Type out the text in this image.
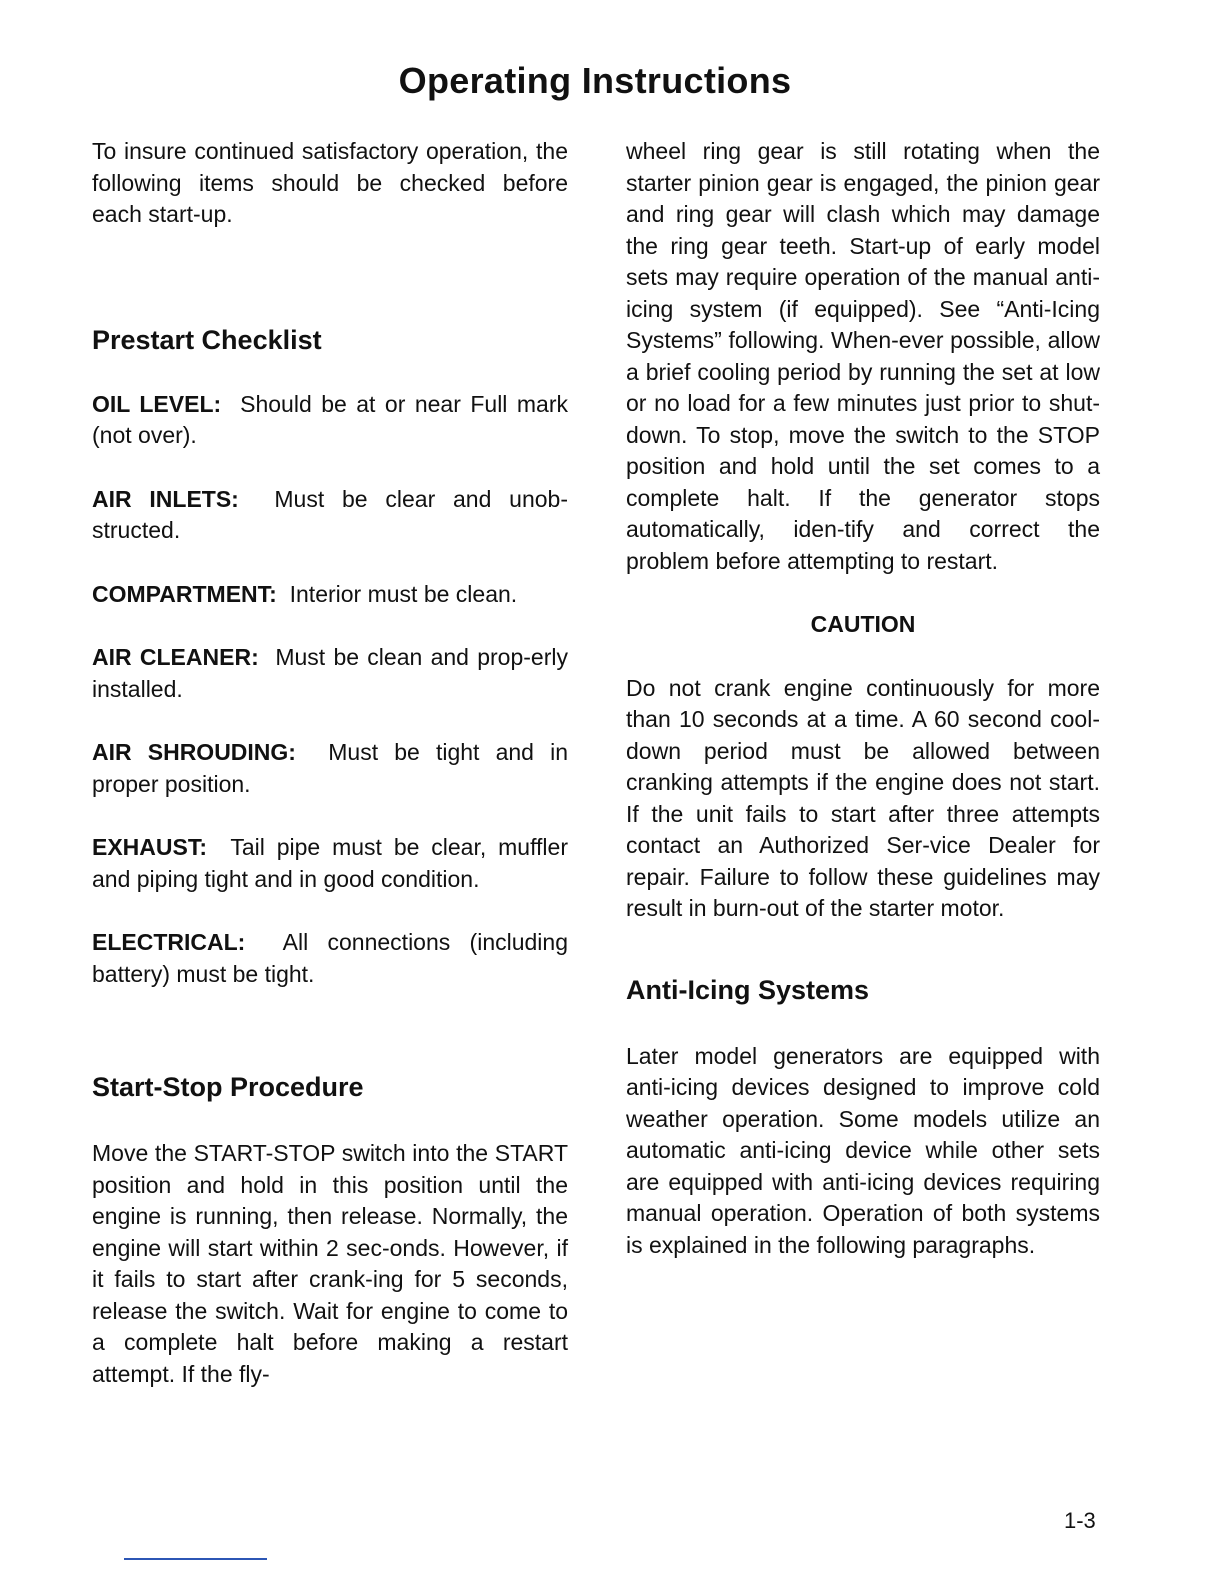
Operating Instructions

To insure continued satisfactory operation, the following items should be checked before each start-up.

Prestart Checklist

OIL LEVEL: Should be at or near Full mark (not over).

AIR INLETS: Must be clear and unob-structed.

COMPARTMENT: Interior must be clean.

AIR CLEANER: Must be clean and prop-erly installed.

AIR SHROUDING: Must be tight and in proper position.

EXHAUST: Tail pipe must be clear, muffler and piping tight and in good condition.

ELECTRICAL: All connections (including battery) must be tight.

Start-Stop Procedure

Move the START-STOP switch into the START position and hold in this position until the engine is running, then release. Normally, the engine will start within 2 sec-onds. However, if it fails to start after crank-ing for 5 seconds, release the switch. Wait for engine to come to a complete halt before making a restart attempt. If the fly-

wheel ring gear is still rotating when the starter pinion gear is engaged, the pinion gear and ring gear will clash which may damage the ring gear teeth. Start-up of early model sets may require operation of the manual anti-icing system (if equipped). See “Anti-Icing Systems” following. When-ever possible, allow a brief cooling period by running the set at low or no load for a few minutes just prior to shut-down. To stop, move the switch to the STOP position and hold until the set comes to a complete halt. If the generator stops automatically, iden-tify and correct the problem before attempting to restart.

CAUTION

Do not crank engine continuously for more than 10 seconds at a time. A 60 second cool-down period must be allowed between cranking attempts if the engine does not start. If the unit fails to start after three attempts contact an Authorized Ser-vice Dealer for repair. Failure to follow these guidelines may result in burn-out of the starter motor.

Anti-Icing Systems

Later model generators are equipped with anti-icing devices designed to improve cold weather operation. Some models utilize an automatic anti-icing device while other sets are equipped with anti-icing devices requiring manual operation. Operation of both systems is explained in the following paragraphs.

1-3
